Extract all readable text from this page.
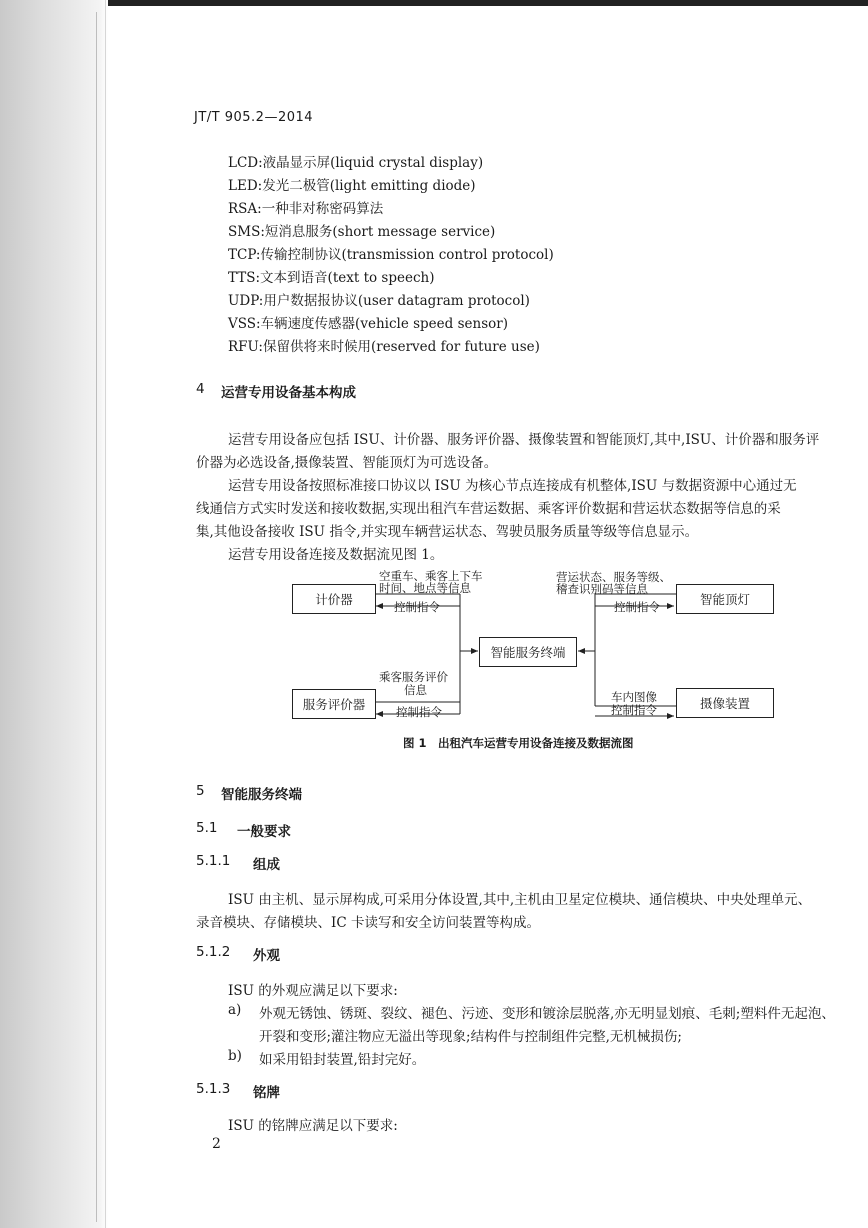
JT/T 905.2—2014
LCD:液晶显示屏(liquid crystal display)
LED:发光二极管(light emitting diode)
RSA:一种非对称密码算法
SMS:短消息服务(short message service)
TCP:传输控制协议(transmission control protocol)
TTS:文本到语音(text to speech)
UDP:用户数据报协议(user datagram protocol)
VSS:车辆速度传感器(vehicle speed sensor)
RFU:保留供将来时候用(reserved for future use)
4 运营专用设备基本构成
运营专用设备应包括 ISU、计价器、服务评价器、摄像装置和智能顶灯,其中,ISU、计价器和服务评
价器为必选设备,摄像装置、智能顶灯为可选设备。
运营专用设备按照标准接口协议以 ISU 为核心节点连接成有机整体,ISU 与数据资源中心通过无
线通信方式实时发送和接收数据,实现出租汽车营运数据、乘客评价数据和营运状态数据等信息的采
集,其他设备接收 ISU 指令,并实现车辆营运状态、驾驶员服务质量等级等信息显示。
运营专用设备连接及数据流见图 1。
计价器
服务评价器
智能服务终端
智能顶灯
摄像装置
空重车、乘客上下车
时间、地点等信息
控制指令
乘客服务评价
信息
控制指令
营运状态、服务等级、
稽查识别码等信息
控制指令
车内图像
控制指令
图 1　出租汽车运营专用设备连接及数据流图
5 智能服务终端
5.1 一般要求
5.1.1 组成
ISU 由主机、显示屏构成,可采用分体设置,其中,主机由卫星定位模块、通信模块、中央处理单元、
录音模块、存储模块、IC 卡读写和安全访问装置等构成。
5.1.2 外观
ISU 的外观应满足以下要求:
a) 外观无锈蚀、锈斑、裂纹、褪色、污迹、变形和镀涂层脱落,亦无明显划痕、毛刺;塑料件无起泡、
开裂和变形;灌注物应无溢出等现象;结构件与控制组件完整,无机械损伤;
b) 如采用铅封装置,铅封完好。
5.1.3 铭牌
ISU 的铭牌应满足以下要求:
2
